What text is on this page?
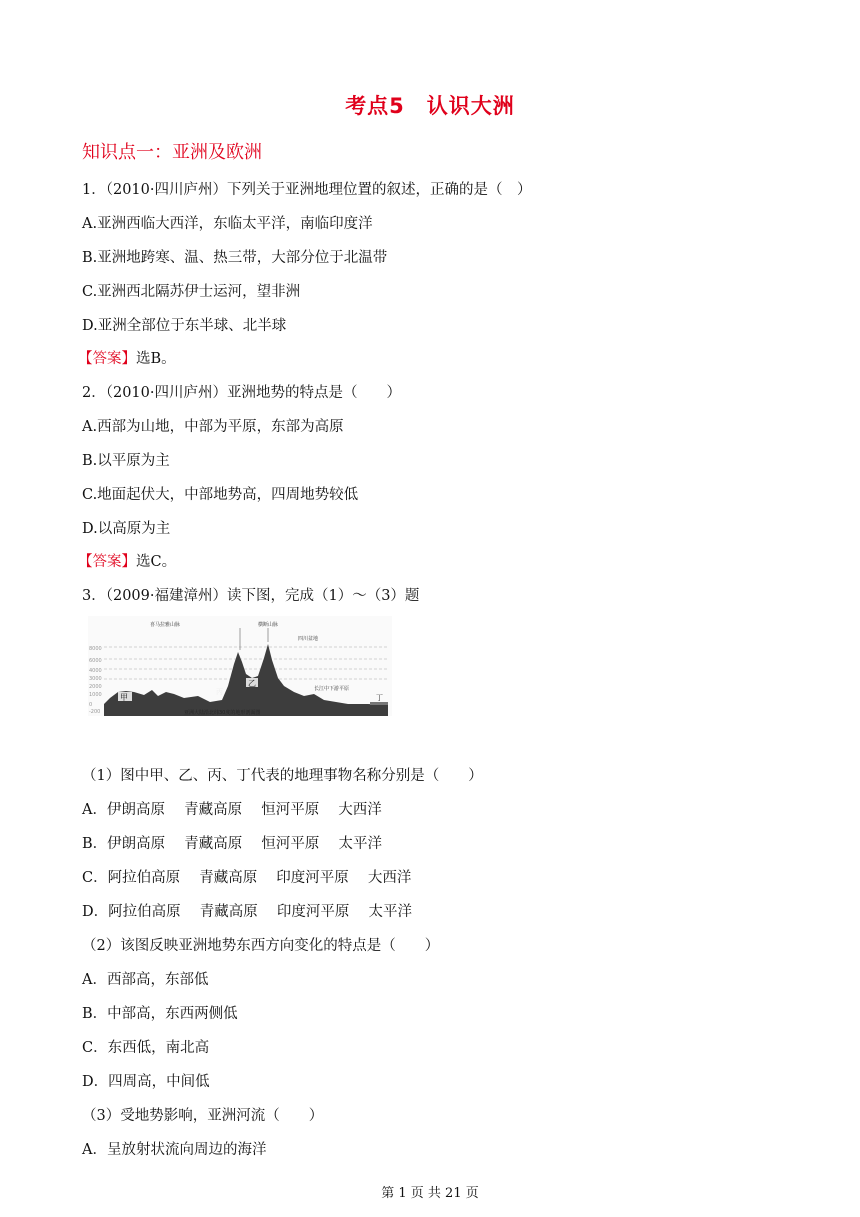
考点5　认识大洲
知识点一：亚洲及欧洲
1．（2010·四川庐州）下列关于亚洲地理位置的叙述，正确的是（　）
A.亚洲西临大西洋，东临太平洋，南临印度洋
B.亚洲地跨寒、温、热三带，大部分位于北温带
C.亚洲西北隔苏伊士运河，望非洲
D.亚洲全部位于东半球、北半球
【答案】选B。
2．（2010·四川庐州）亚洲地势的特点是（　　）
A.西部为山地，中部为平原，东部为高原
B.以平原为主
C.地面起伏大，中部地势高，四周地势较低
D.以高原为主
【答案】选C。
3．（2009·福建漳州）读下图，完成（1）～（3）题
8000
6000
4000
3000
2000
1000
0
-200
甲
乙
丙
丁
喜马拉雅山脉	横断山脉
四川盆地
长江中下游平原
亚洲大陆沿北纬30度的地形剖面图
（1）图中甲、乙、丙、丁代表的地理事物名称分别是（　　）
A．伊朗高原　 青藏高原　 恒河平原　 大西洋
B．伊朗高原　 青藏高原　 恒河平原　 太平洋
C．阿拉伯高原　 青藏高原　 印度河平原　 大西洋
D．阿拉伯高原　 青藏高原　 印度河平原　 太平洋
（2）该图反映亚洲地势东西方向变化的特点是（　　）
A．西部高，东部低
B．中部高，东西两侧低
C．东西低，南北高
D．四周高，中间低
（3）受地势影响，亚洲河流（　　）
A．呈放射状流向周边的海洋
第 1 页 共 21 页
